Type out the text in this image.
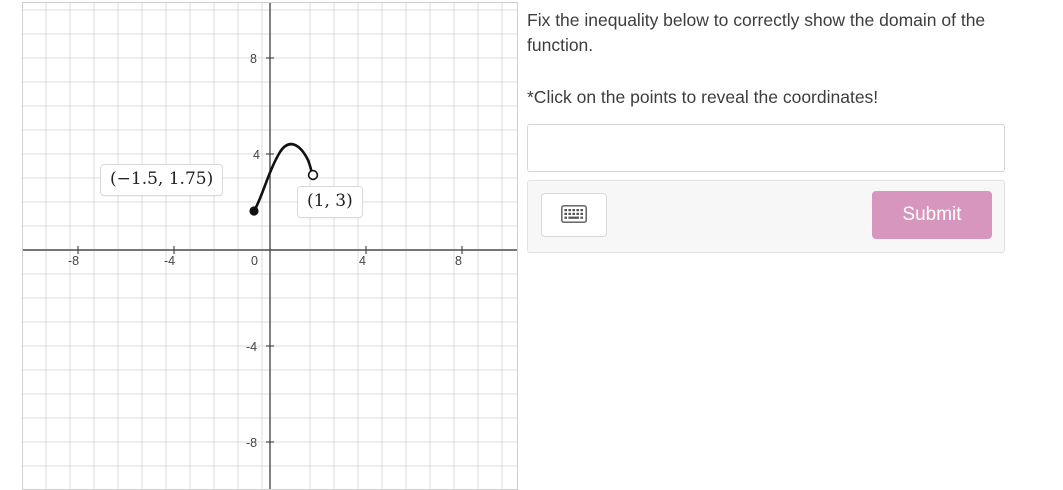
-8	-4	0	4	8
8
4
-4
-8
(−1.5, 1.75)
(1, 3)

Fix the inequality below to correctly show the domain of the function.

*Click on the points to reveal the coordinates!

Submit
